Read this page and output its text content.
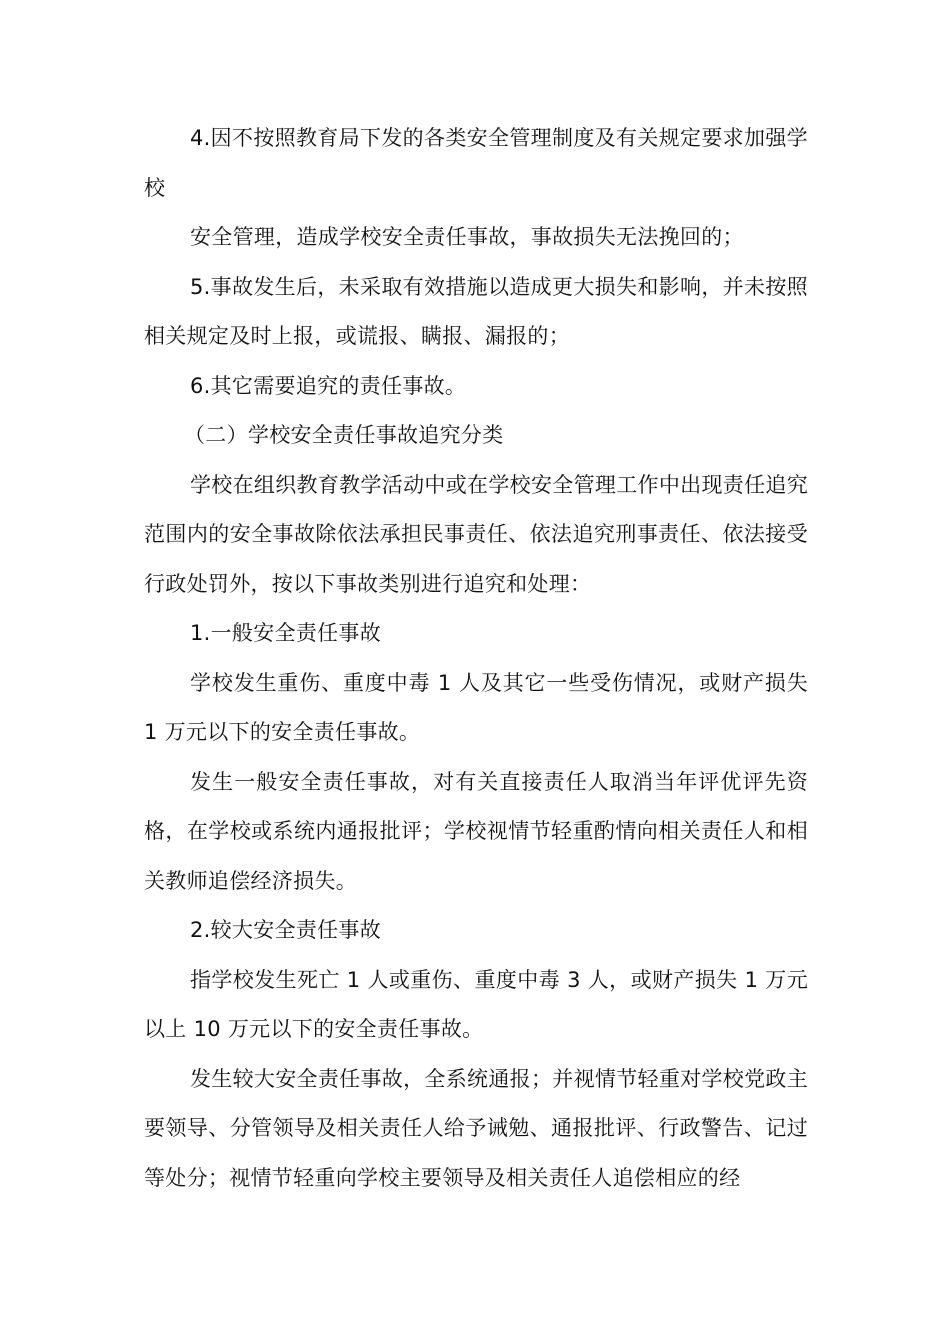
4.因不按照教育局下发的各类安全管理制度及有关规定要求加强学校

安全管理，造成学校安全责任事故，事故损失无法挽回的；

5.事故发生后，未采取有效措施以造成更大损失和影响，并未按照相关规定及时上报，或谎报、瞒报、漏报的；

6.其它需要追究的责任事故。

（二）学校安全责任事故追究分类

学校在组织教育教学活动中或在学校安全管理工作中出现责任追究范围内的安全事故除依法承担民事责任、依法追究刑事责任、依法接受行政处罚外，按以下事故类别进行追究和处理：

1.一般安全责任事故

学校发生重伤、重度中毒 1 人及其它一些受伤情况，或财产损失 1 万元以下的安全责任事故。

发生一般安全责任事故，对有关直接责任人取消当年评优评先资格，在学校或系统内通报批评；学校视情节轻重酌情向相关责任人和相关教师追偿经济损失。

2.较大安全责任事故

指学校发生死亡 1 人或重伤、重度中毒 3 人，或财产损失 1 万元以上 10 万元以下的安全责任事故。

发生较大安全责任事故，全系统通报；并视情节轻重对学校党政主要领导、分管领导及相关责任人给予诫勉、通报批评、行政警告、记过等处分；视情节轻重向学校主要领导及相关责任人追偿相应的经
